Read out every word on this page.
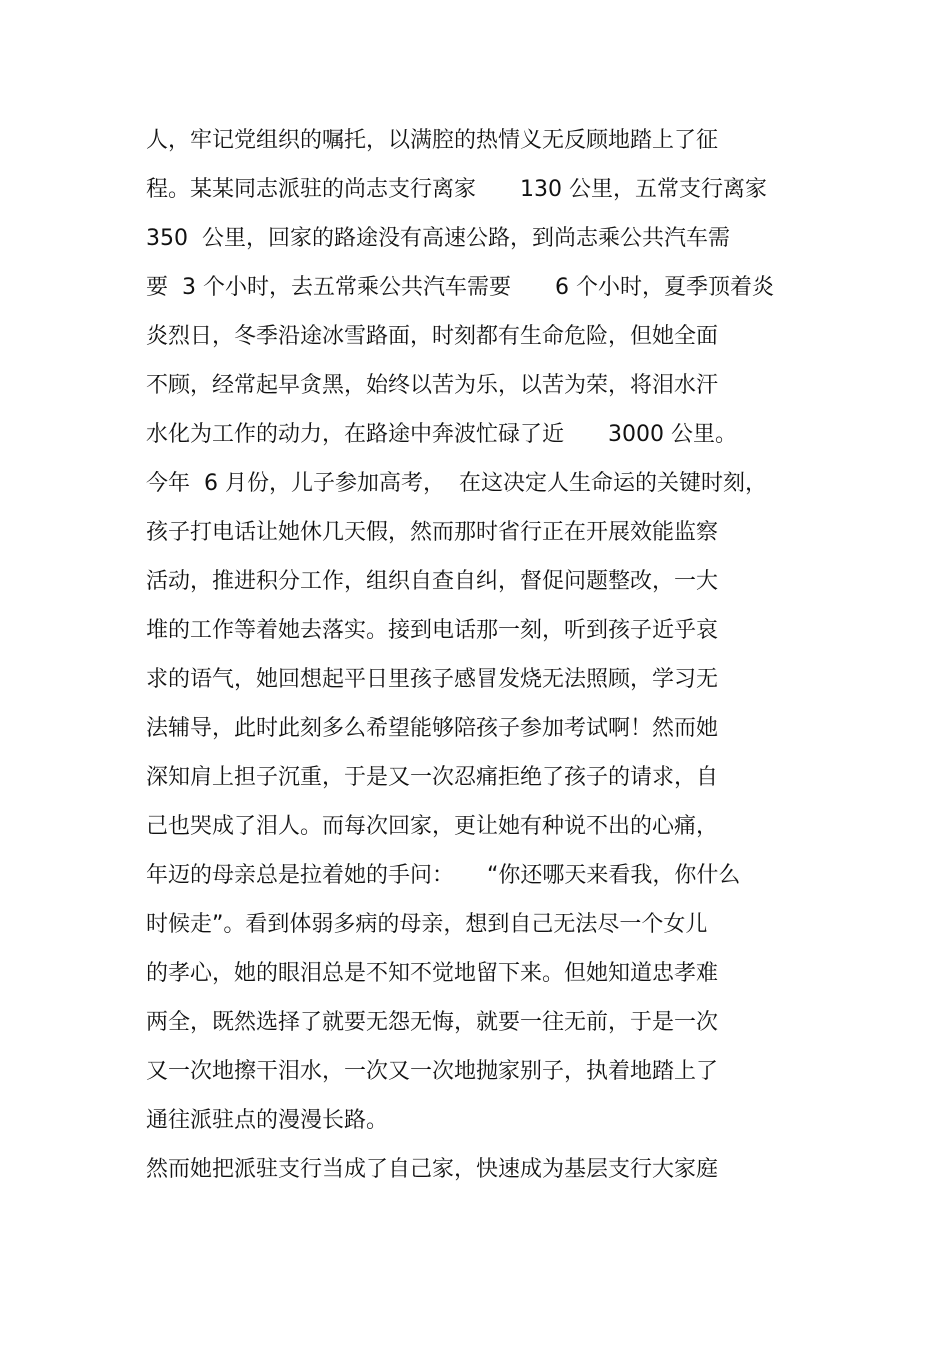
人，牢记党组织的嘱托，以满腔的热情义无反顾地踏上了征
程。某某同志派驻的尚志支行离家　　130 公里，五常支行离家
350  公里，回家的路途没有高速公路，到尚志乘公共汽车需
要  3 个小时，去五常乘公共汽车需要　　6 个小时，夏季顶着炎
炎烈日，冬季沿途冰雪路面，时刻都有生命危险，但她全面
不顾，经常起早贪黑，始终以苦为乐，以苦为荣，将泪水汗
水化为工作的动力，在路途中奔波忙碌了近　　3000 公里。
今年  6 月份，儿子参加高考，  在这决定人生命运的关键时刻，
孩子打电话让她休几天假，然而那时省行正在开展效能监察
活动，推进积分工作，组织自查自纠，督促问题整改，一大
堆的工作等着她去落实。接到电话那一刻，听到孩子近乎哀
求的语气，她回想起平日里孩子感冒发烧无法照顾，学习无
法辅导，此时此刻多么希望能够陪孩子参加考试啊！然而她
深知肩上担子沉重，于是又一次忍痛拒绝了孩子的请求，自
己也哭成了泪人。而每次回家，更让她有种说不出的心痛，
年迈的母亲总是拉着她的手问：　　“你还哪天来看我，你什么
时候走”。看到体弱多病的母亲，想到自己无法尽一个女儿
的孝心，她的眼泪总是不知不觉地留下来。但她知道忠孝难
两全，既然选择了就要无怨无悔，就要一往无前，于是一次
又一次地擦干泪水，一次又一次地抛家别子，执着地踏上了
通往派驻点的漫漫长路。
然而她把派驻支行当成了自己家，快速成为基层支行大家庭
